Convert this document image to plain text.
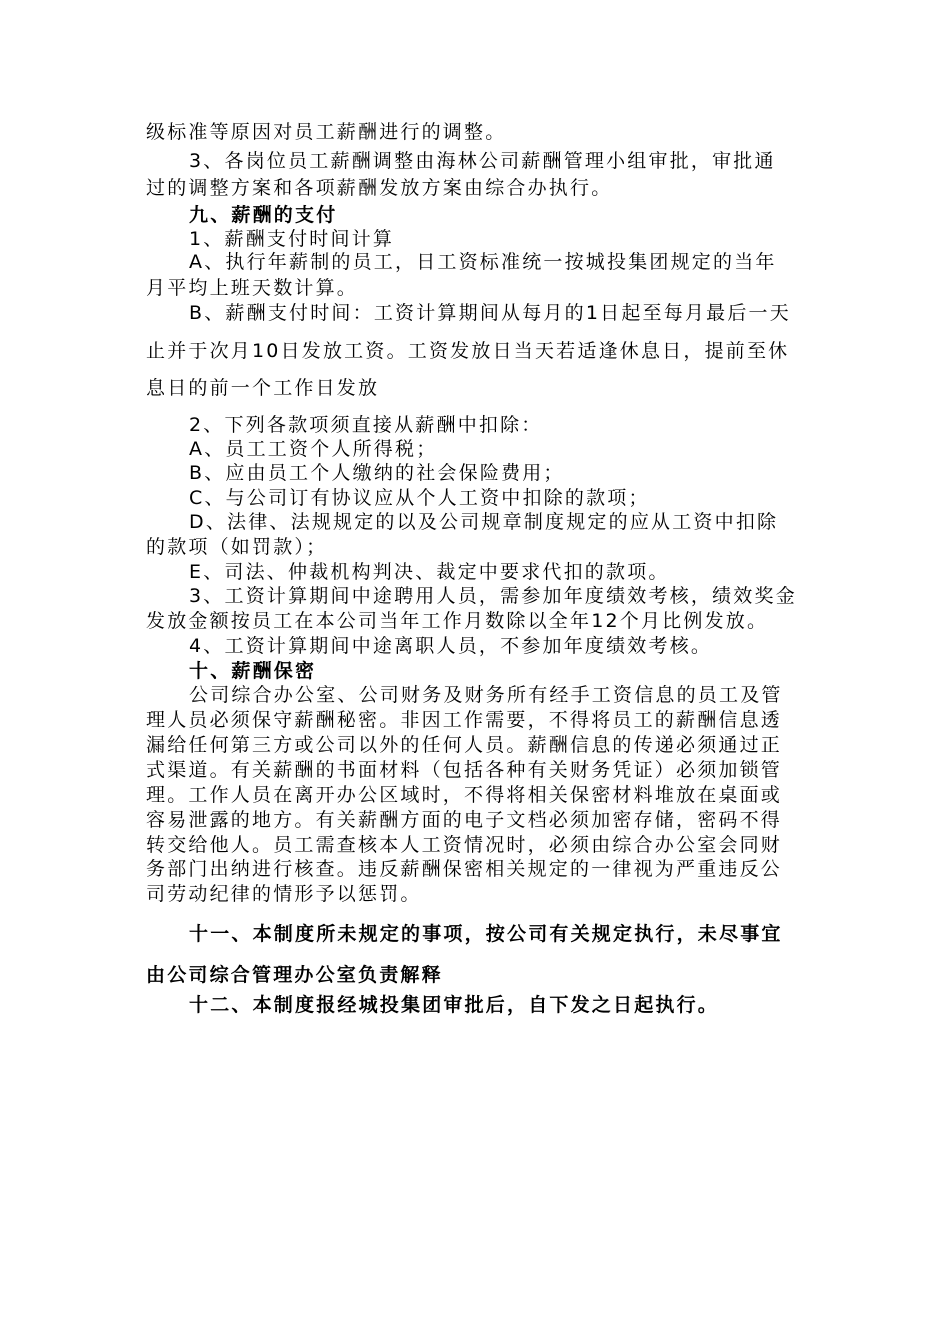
级标准等原因对员工薪酬进行的调整。
3、各岗位员工薪酬调整由海林公司薪酬管理小组审批，审批通
过的调整方案和各项薪酬发放方案由综合办执行。
九、薪酬的支付
1、薪酬支付时间计算
A、执行年薪制的员工，日工资标准统一按城投集团规定的当年
月平均上班天数计算。
B、薪酬支付时间：工资计算期间从每月的1日起至每月最后一天
止并于次月10日发放工资。工资发放日当天若适逢休息日，提前至休
息日的前一个工作日发放
2、下列各款项须直接从薪酬中扣除：
A、员工工资个人所得税；
B、应由员工个人缴纳的社会保险费用；
C、与公司订有协议应从个人工资中扣除的款项；
D、法律、法规规定的以及公司规章制度规定的应从工资中扣除
的款项（如罚款）；
E、司法、仲裁机构判决、裁定中要求代扣的款项。
3、工资计算期间中途聘用人员，需参加年度绩效考核，绩效奖金
发放金额按员工在本公司当年工作月数除以全年12个月比例发放。
4、工资计算期间中途离职人员，不参加年度绩效考核。
十、薪酬保密
公司综合办公室、公司财务及财务所有经手工资信息的员工及管
理人员必须保守薪酬秘密。非因工作需要，不得将员工的薪酬信息透
漏给任何第三方或公司以外的任何人员。薪酬信息的传递必须通过正
式渠道。有关薪酬的书面材料（包括各种有关财务凭证）必须加锁管
理。工作人员在离开办公区域时，不得将相关保密材料堆放在桌面或
容易泄露的地方。有关薪酬方面的电子文档必须加密存储，密码不得
转交给他人。员工需查核本人工资情况时，必须由综合办公室会同财
务部门出纳进行核查。违反薪酬保密相关规定的一律视为严重违反公
司劳动纪律的情形予以惩罚。
十一、本制度所未规定的事项，按公司有关规定执行，未尽事宜
由公司综合管理办公室负责解释
十二、本制度报经城投集团审批后，自下发之日起执行。
